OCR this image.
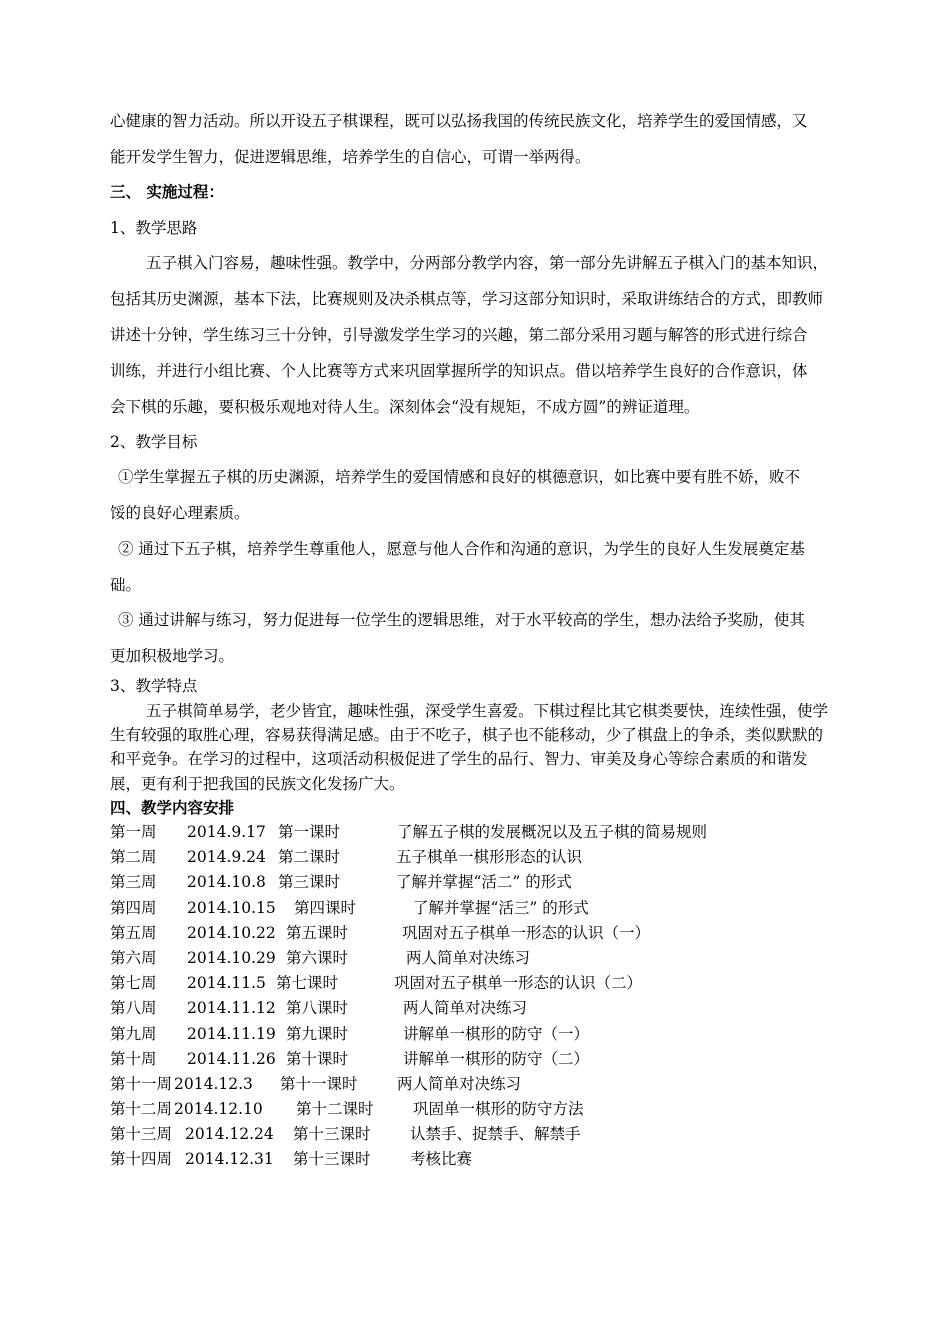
心健康的智力活动。所以开设五子棋课程，既可以弘扬我国的传统民族文化，培养学生的爱国情感，又
能开发学生智力，促进逻辑思维，培养学生的自信心，可谓一举两得。
三、 实施过程：
1、教学思路
五子棋入门容易，趣味性强。教学中，分两部分教学内容，第一部分先讲解五子棋入门的基本知识，
包括其历史渊源，基本下法，比赛规则及决杀棋点等，学习这部分知识时，采取讲练结合的方式，即教师
讲述十分钟，学生练习三十分钟，引导激发学生学习的兴趣，第二部分采用习题与解答的形式进行综合
训练，并进行小组比赛、个人比赛等方式来巩固掌握所学的知识点。借以培养学生良好的合作意识，体
会下棋的乐趣，要积极乐观地对待人生。深刻体会“没有规矩，不成方圆”的辨证道理。
2、教学目标
①学生掌握五子棋的历史渊源，培养学生的爱国情感和良好的棋德意识，如比赛中要有胜不娇，败不
馁的良好心理素质。
② 通过下五子棋，培养学生尊重他人，愿意与他人合作和沟通的意识，为学生的良好人生发展奠定基
础。
③ 通过讲解与练习，努力促进每一位学生的逻辑思维，对于水平较高的学生，想办法给予奖励，使其
更加积极地学习。
3、教学特点
五子棋简单易学，老少皆宜，趣味性强，深受学生喜爱。下棋过程比其它棋类要快，连续性强，使学
生有较强的取胜心理，容易获得满足感。由于不吃子，棋子也不能移动，少了棋盘上的争杀，类似默默的
和平竞争。在学习的过程中，这项活动积极促进了学生的品行、智力、审美及身心等综合素质的和谐发
展，更有利于把我国的民族文化发扬广大。
四、教学内容安排
第一周 2014.9.17 第一课时	了解五子棋的发展概况以及五子棋的简易规则
第二周 2014.9.24 第二课时	五子棋单一棋形形态的认识
第三周 2014.10.8 第三课时	了解并掌握“活二” 的形式
第四周 2014.10.15 第四课时	了解并掌握“活三” 的形式
第五周 2014.10.22 第五课时	巩固对五子棋单一形态的认识（一）
第六周 2014.10.29 第六课时	两人简单对决练习
第七周 2014.11.5 第七课时	巩固对五子棋单一形态的认识（二）
第八周 2014.11.12 第八课时	两人简单对决练习
第九周 2014.11.19 第九课时	讲解单一棋形的防守（一）
第十周 2014.11.26 第十课时	讲解单一棋形的防守（二）
第十一周 2014.12.3 第十一课时	两人简单对决练习
第十二周 2014.12.10 第十二课时	巩固单一棋形的防守方法
第十三周 2014.12.24 第十三课时	认禁手、捉禁手、解禁手
第十四周 2014.12.31 第十三课时	考核比赛
